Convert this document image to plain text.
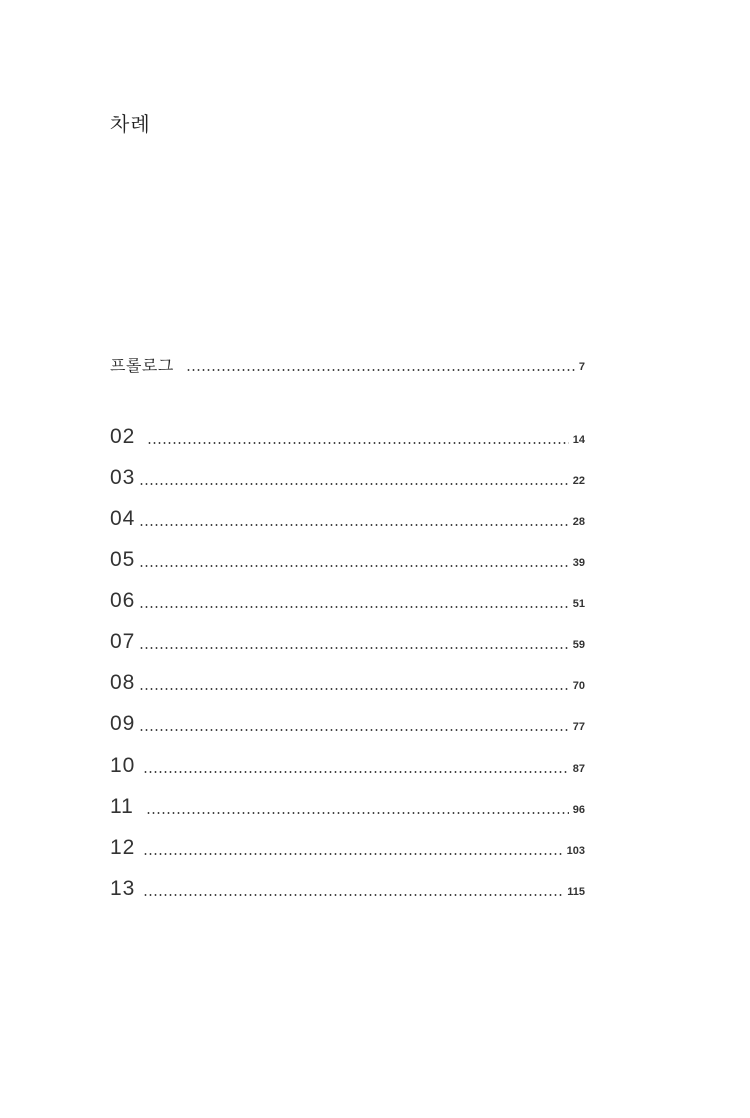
차례
프롤로그	7
02	14
03	22
04	28
05	39
06	51
07	59
08	70
09	77
10	87
11	96
12	103
13	115
